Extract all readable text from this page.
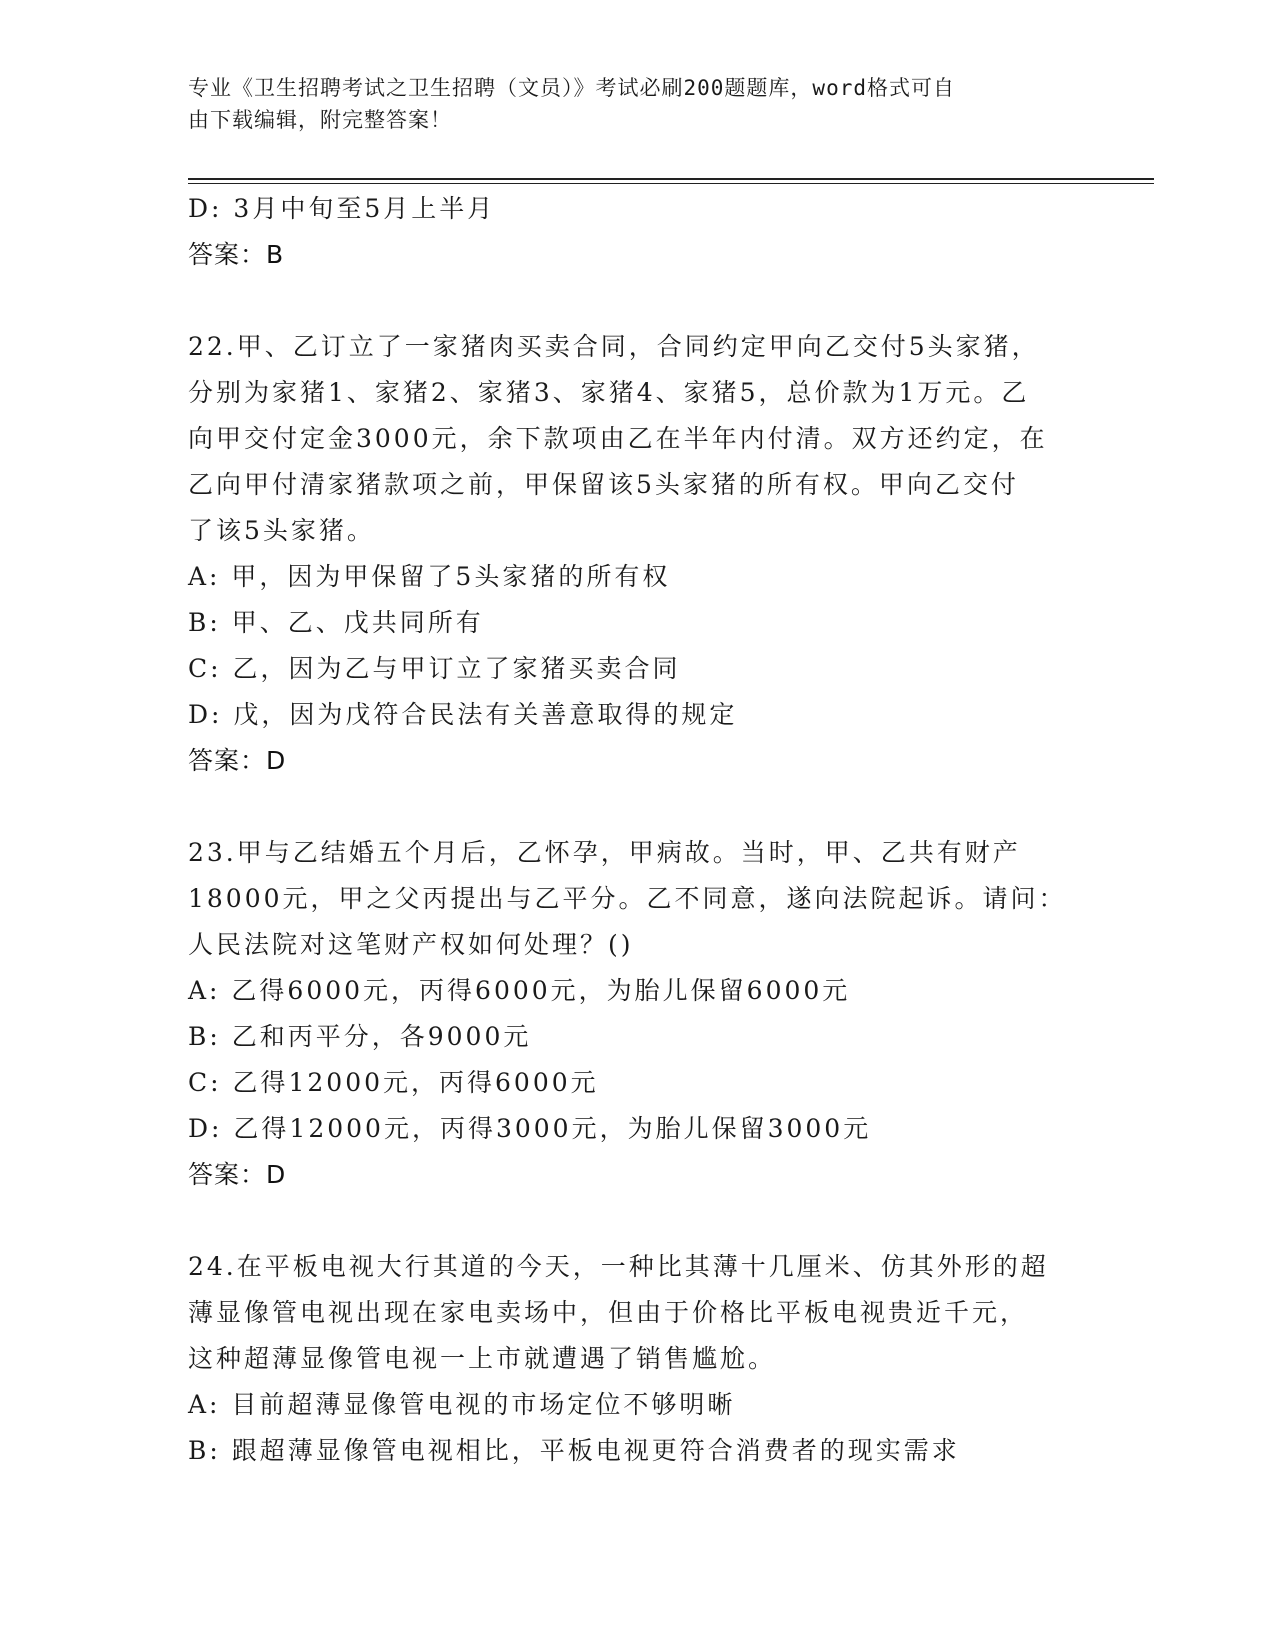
专业《卫生招聘考试之卫生招聘（文员）》考试必刷200题题库，word格式可自
由下载编辑，附完整答案！
D: 3月中旬至5月上半月
答案：B
22.甲、乙订立了一家猪肉买卖合同，合同约定甲向乙交付5头家猪，
分别为家猪1、家猪2、家猪3、家猪4、家猪5，总价款为1万元。乙
向甲交付定金3000元，余下款项由乙在半年内付清。双方还约定，在
乙向甲付清家猪款项之前，甲保留该5头家猪的所有权。甲向乙交付
了该5头家猪。
A: 甲，因为甲保留了5头家猪的所有权
B: 甲、乙、戊共同所有
C: 乙，因为乙与甲订立了家猪买卖合同
D: 戊，因为戊符合民法有关善意取得的规定
答案：D
23.甲与乙结婚五个月后，乙怀孕，甲病故。当时，甲、乙共有财产
18000元，甲之父丙提出与乙平分。乙不同意，遂向法院起诉。请问：
人民法院对这笔财产权如何处理？()
A: 乙得6000元，丙得6000元，为胎儿保留6000元
B: 乙和丙平分，各9000元
C: 乙得12000元，丙得6000元
D: 乙得12000元，丙得3000元，为胎儿保留3000元
答案：D
24.在平板电视大行其道的今天，一种比其薄十几厘米、仿其外形的超
薄显像管电视出现在家电卖场中，但由于价格比平板电视贵近千元，
这种超薄显像管电视一上市就遭遇了销售尴尬。
A: 目前超薄显像管电视的市场定位不够明晰
B: 跟超薄显像管电视相比，平板电视更符合消费者的现实需求
